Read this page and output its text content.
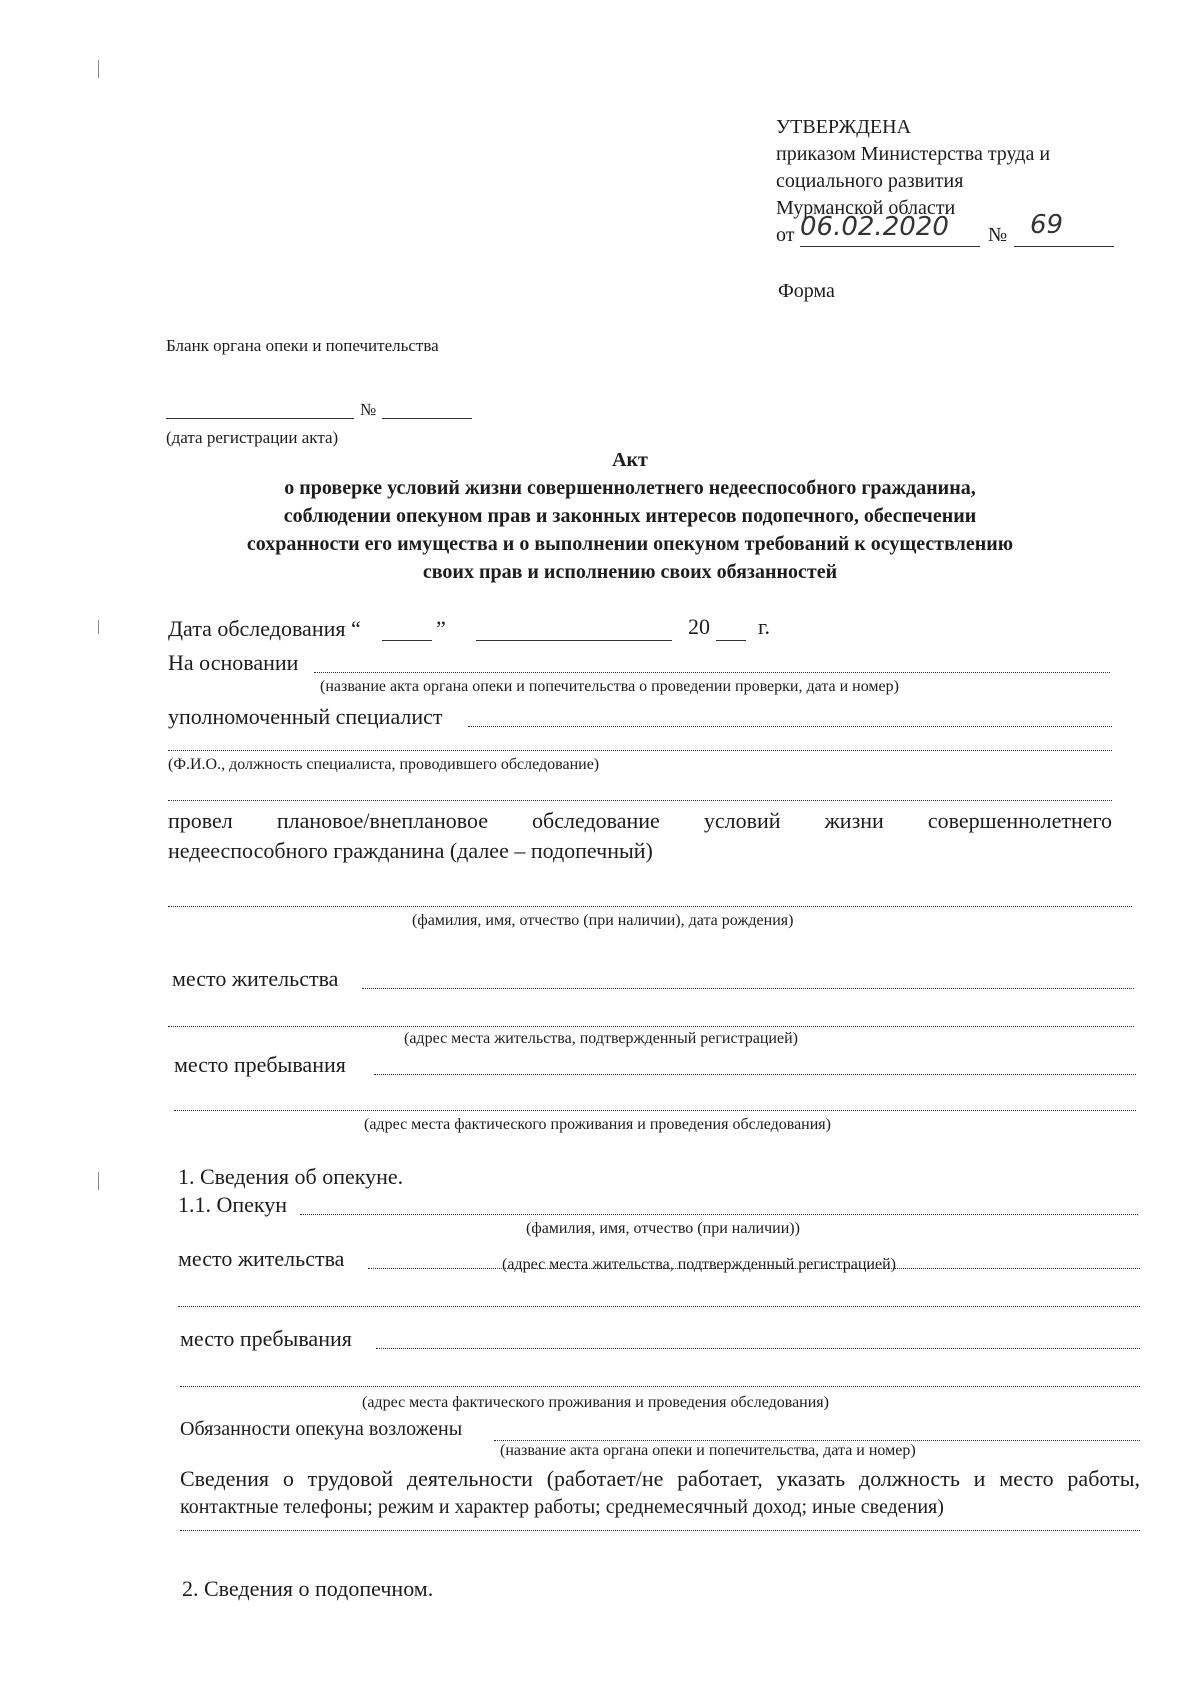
УТВЕРЖДЕНА
приказом Министерства труда и
социального развития
Мурманской области
от 06.02.2020 № 69
Форма
Бланк органа опеки и попечительства
№
(дата регистрации акта)
Акт
о проверке условий жизни совершеннолетнего недееспособного гражданина,
соблюдении опекуном прав и законных интересов подопечного, обеспечении
сохранности его имущества и о выполнении опекуном требований к осуществлению
своих прав и исполнению своих обязанностей
Дата обследования “	”	20 г.
На основании
(название акта органа опеки и попечительства о проведении проверки, дата и номер)
уполномоченный специалист
(Ф.И.О., должность специалиста, проводившего обследование)
провел плановое/внеплановое обследование условий жизни совершеннолетнего
недееспособного гражданина (далее – подопечный)
(фамилия, имя, отчество (при наличии), дата рождения)
место жительства
(адрес места жительства, подтвержденный регистрацией)
место пребывания
(адрес места фактического проживания и проведения обследования)
1. Сведения об опекуне.
1.1. Опекун
(фамилия, имя, отчество (при наличии))
место жительства	(адрес места жительства, подтвержденный регистрацией)
место пребывания
(адрес места фактического проживания и проведения обследования)
Обязанности опекуна возложены
(название акта органа опеки и попечительства, дата и номер)
Сведения о трудовой деятельности (работает/не работает, указать должность и место работы,
контактные телефоны; режим и характер работы; среднемесячный доход; иные сведения)
2. Сведения о подопечном.
